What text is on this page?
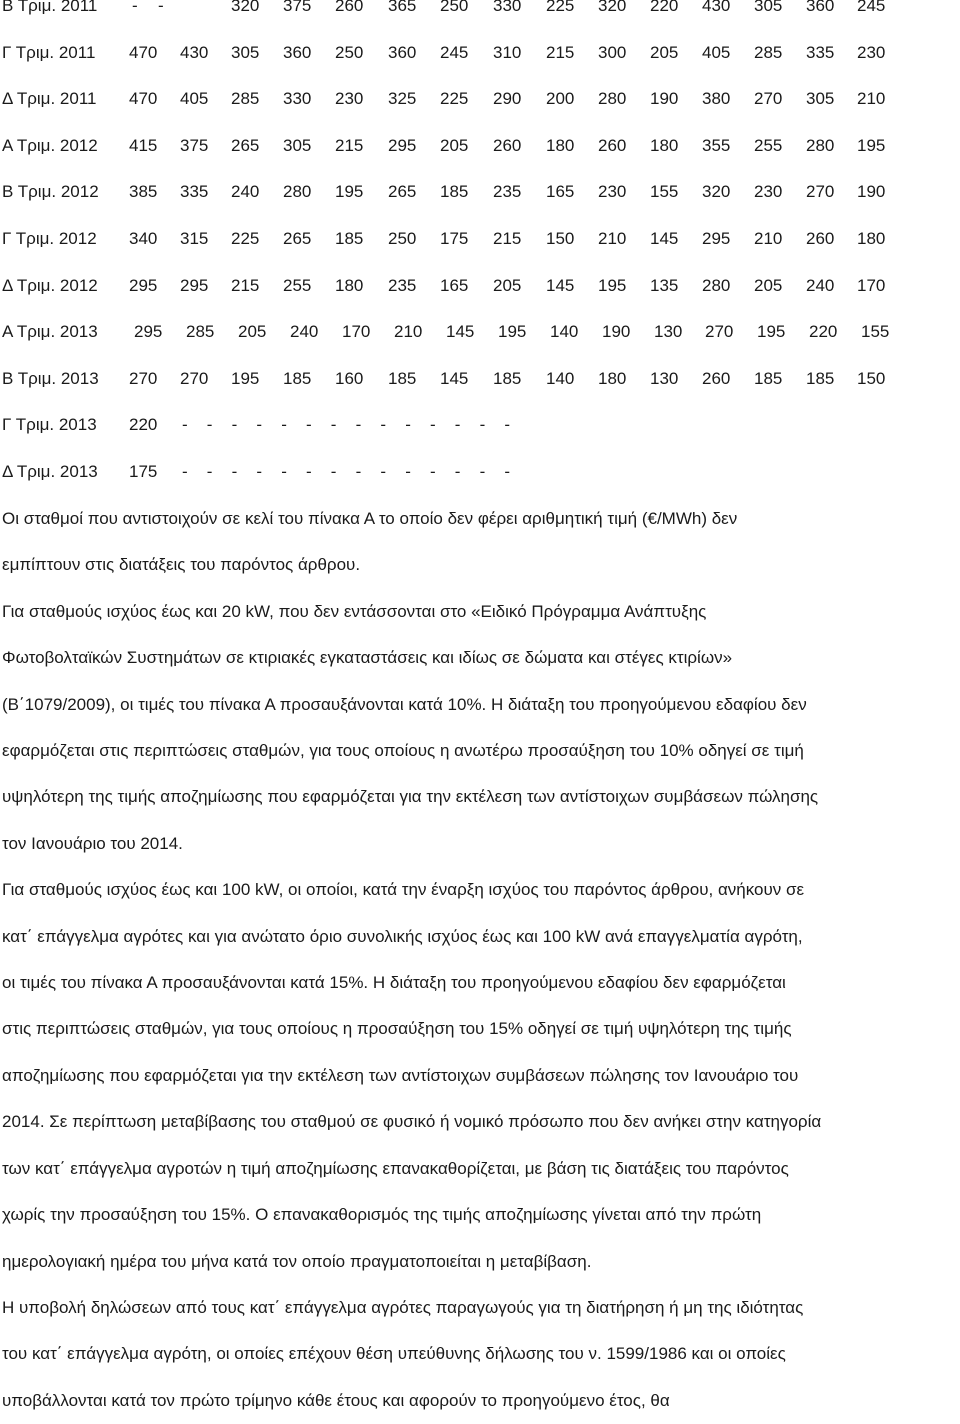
Β Τριμ. 2011 - -	320 375 260 365 250 330 225 320 220 430 305 360 245
Γ Τριμ. 2011 470 430 305 360 250 360 245 310 215 300 205 405 285 335 230
Δ Τριμ. 2011 470 405 285 330 230 325 225 290 200 280 190 380 270 305 210
Α Τριμ. 2012 415 375 265 305 215 295 205 260 180 260 180 355 255 280 195
Β Τριμ. 2012 385 335 240 280 195 265 185 235 165 230 155 320 230 270 190
Γ Τριμ. 2012 340 315 225 265 185 250 175 215 150 210 145 295 210 260 180
Δ Τριμ. 2012 295 295 215 255 180 235 165 205 145 195 135 280 205 240 170
Α Τριμ. 2013 295 285 205 240 170 210 145 195 140 190 130 270 195 220 155
Β Τριμ. 2013 270 270 195 185 160 185 145 185 140 180 130 260 185 185 150
Γ Τριμ. 2013 220 - - - - - - - - - - - - - -
Δ Τριμ. 2013 175 - - - - - - - - - - - - - -

Οι σταθμοί που αντιστοιχούν σε κελί του πίνακα Α το οποίο δεν φέρει αριθμητική τιμή (€/MWh) δεν

εμπίπτουν στις διατάξεις του παρόντος άρθρου.

Για σταθμούς ισχύος έως και 20 kW, που δεν εντάσσονται στο «Ειδικό Πρόγραμμα Ανάπτυξης

Φωτοβολταϊκών Συστημάτων σε κτιριακές εγκαταστάσεις και ιδίως σε δώματα και στέγες κτιρίων»

(Β΄1079/2009), οι τιμές του πίνακα Α προσαυξάνονται κατά 10%. Η διάταξη του προηγούμενου εδαφίου δεν

εφαρμόζεται στις περιπτώσεις σταθμών, για τους οποίους η ανωτέρω προσαύξηση του 10% οδηγεί σε τιμή

υψηλότερη της τιμής αποζημίωσης που εφαρμόζεται για την εκτέλεση των αντίστοιχων συμβάσεων πώλησης

τον Ιανουάριο του 2014.

Για σταθμούς ισχύος έως και 100 kW, οι οποίοι, κατά την έναρξη ισχύος του παρόντος άρθρου, ανήκουν σε

κατ΄ επάγγελμα αγρότες και για ανώτατο όριο συνολικής ισχύος έως και 100 kW ανά επαγγελματία αγρότη,

οι τιμές του πίνακα Α προσαυξάνονται κατά 15%. Η διάταξη του προηγούμενου εδαφίου δεν εφαρμόζεται

στις περιπτώσεις σταθμών, για τους οποίους η προσαύξηση του 15% οδηγεί σε τιμή υψηλότερη της τιμής

αποζημίωσης που εφαρμόζεται για την εκτέλεση των αντίστοιχων συμβάσεων πώλησης τον Ιανουάριο του

2014. Σε περίπτωση μεταβίβασης του σταθμού σε φυσικό ή νομικό πρόσωπο που δεν ανήκει στην κατηγορία

των κατ΄ επάγγελμα αγροτών η τιμή αποζημίωσης επανακαθορίζεται, με βάση τις διατάξεις του παρόντος

χωρίς την προσαύξηση του 15%. Ο επανακαθορισμός της τιμής αποζημίωσης γίνεται από την πρώτη

ημερολογιακή ημέρα του μήνα κατά τον οποίο πραγματοποιείται η μεταβίβαση.

Η υποβολή δηλώσεων από τους κατ΄ επάγγελμα αγρότες παραγωγούς για τη διατήρηση ή μη της ιδιότητας

του κατ΄ επάγγελμα αγρότη, οι οποίες επέχουν θέση υπεύθυνης δήλωσης του ν. 1599/1986 και οι οποίες

υποβάλλονται κατά τον πρώτο τρίμηνο κάθε έτους και αφορούν το προηγούμενο έτος, θα
